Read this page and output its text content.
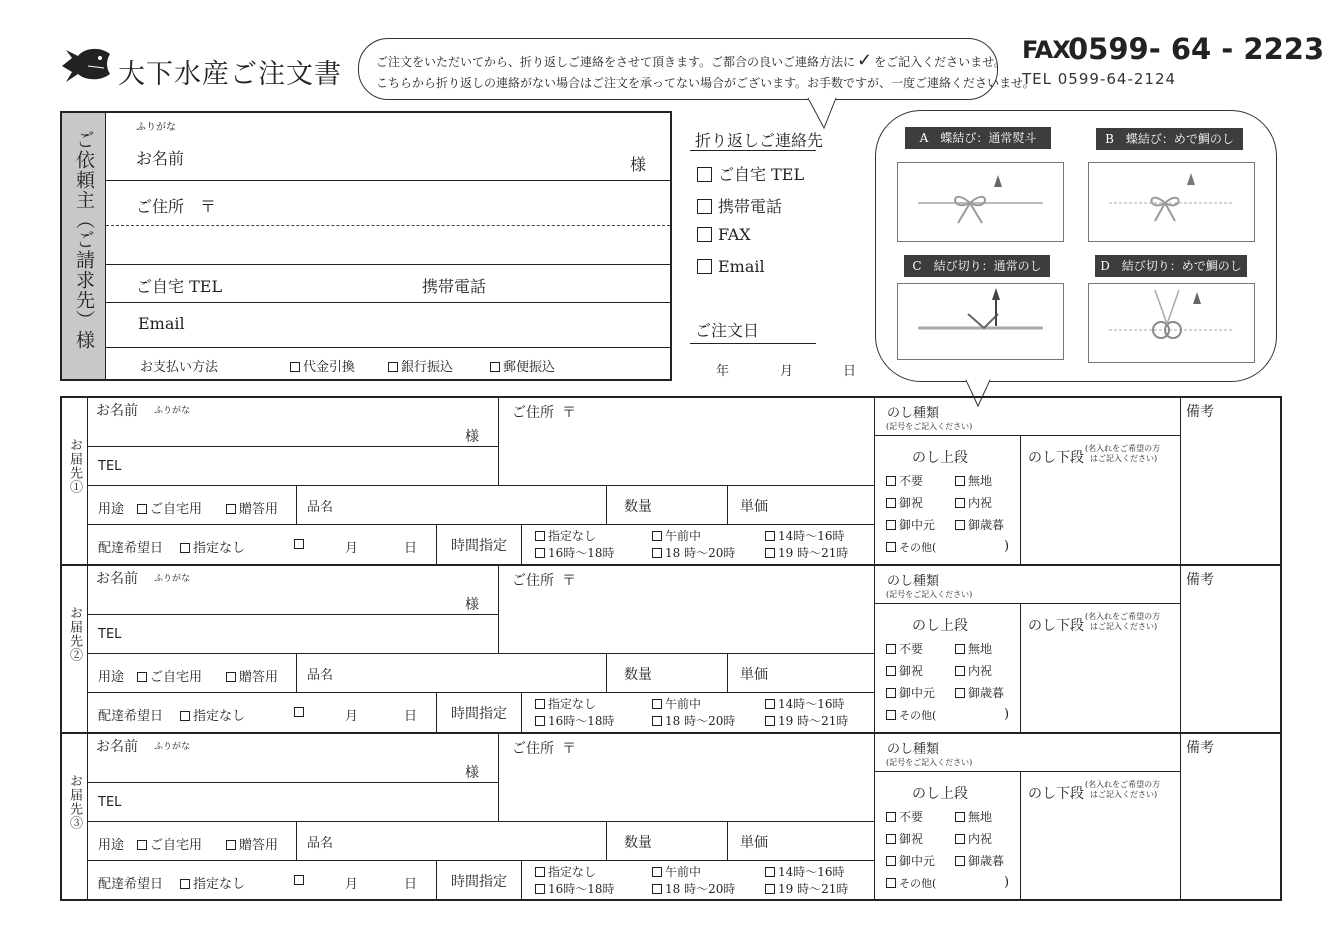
大下水産ご注文書	ご注文をいただいてから、折り返しご連絡をさせて頂きます。ご都合の良いご連絡方法に ✓ をご記入くださいませ。
こちらから折り返しの連絡がない場合はご注文を承ってない場合がございます。お手数ですが、一度ご連絡くださいませ。
FAX
0599- 64 - 2223
TEL 0599-64-2124
ご依頼主（ご請求先）様
ふりがな
お名前	様
ご住所 〒
ご自宅 TEL	携帯電話
Email
お支払い方法	代金引換	銀行振込	郵便振込
折り返しご連絡先
ご自宅 TEL
携帯電話
FAX
Email
ご注文日
年	月	日
A　蝶結び：通常熨斗	B　蝶結び：めで鯛のし
C　結び切り：通常のし	D　結び切り：めで鯛のし
お届先①
お名前 ふりがな
様
TEL
ご住所 〒
用途	ご自宅用	贈答用 品名	数量	単価
配達希望日	指定なし	月	日 時間指定
指定なし	午前中	14時〜16時
16時〜18時	18 時〜20時	19 時〜21時
のし種類
(記号をご記入ください)
備考
のし上段
不要	無地
御祝	内祝
御中元	御歳暮
その他(	)
のし下段
(名入れをご希望の方
はご記入ください)
お届先②
お名前 ふりがな
様
TEL
ご住所 〒
用途	ご自宅用	贈答用 品名	数量	単価
配達希望日	指定なし	月	日 時間指定
指定なし	午前中	14時〜16時
16時〜18時	18 時〜20時	19 時〜21時
のし種類
(記号をご記入ください)
備考
のし上段
不要	無地
御祝	内祝
御中元	御歳暮
その他(	)
のし下段
(名入れをご希望の方
はご記入ください)
お届先③
お名前 ふりがな
様
TEL
ご住所 〒
用途	ご自宅用	贈答用 品名	数量	単価
配達希望日	指定なし	月	日 時間指定
指定なし	午前中	14時〜16時
16時〜18時	18 時〜20時	19 時〜21時
のし種類
(記号をご記入ください)
備考
のし上段
不要	無地
御祝	内祝
御中元	御歳暮
その他(	)
のし下段
(名入れをご希望の方
はご記入ください)
